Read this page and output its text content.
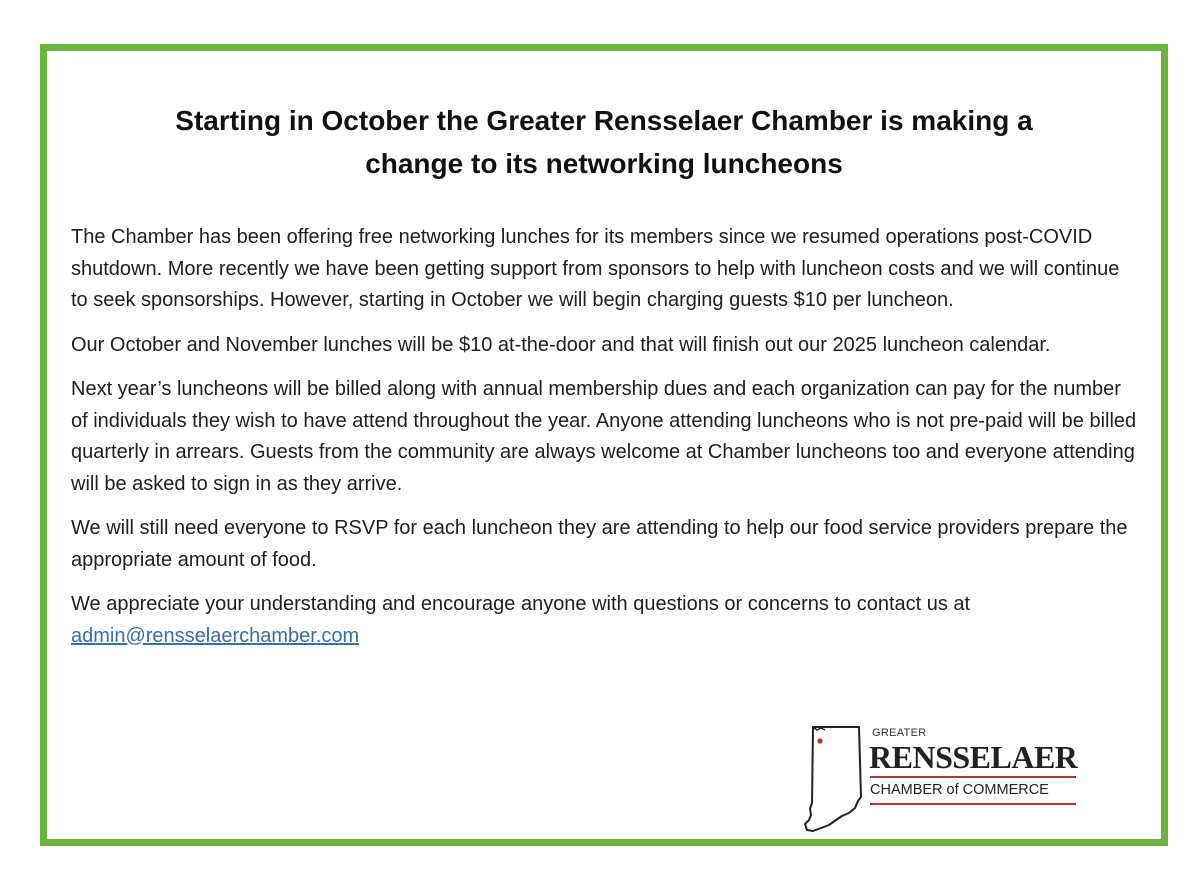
Starting in October the Greater Rensselaer Chamber is making a
change to its networking luncheons

The Chamber has been offering free networking lunches for its members since we resumed operations post-COVID shutdown. More recently we have been getting support from sponsors to help with luncheon costs and we will continue to seek sponsorships. However, starting in October we will begin charging guests $10 per luncheon.

Our October and November lunches will be $10 at-the-door and that will finish out our 2025 luncheon calendar.

Next year’s luncheons will be billed along with annual membership dues and each organization can pay for the number of individuals they wish to have attend throughout the year. Anyone attending luncheons who is not pre-paid will be billed quarterly in arrears. Guests from the community are always welcome at Chamber luncheons too and everyone attending will be asked to sign in as they arrive.

We will still need everyone to RSVP for each luncheon they are attending to help our food service providers prepare the appropriate amount of food.

We appreciate your understanding and encourage anyone with questions or concerns to contact us at
admin@rensselaerchamber.com

GREATER
RENSSELAER
CHAMBER of COMMERCE
